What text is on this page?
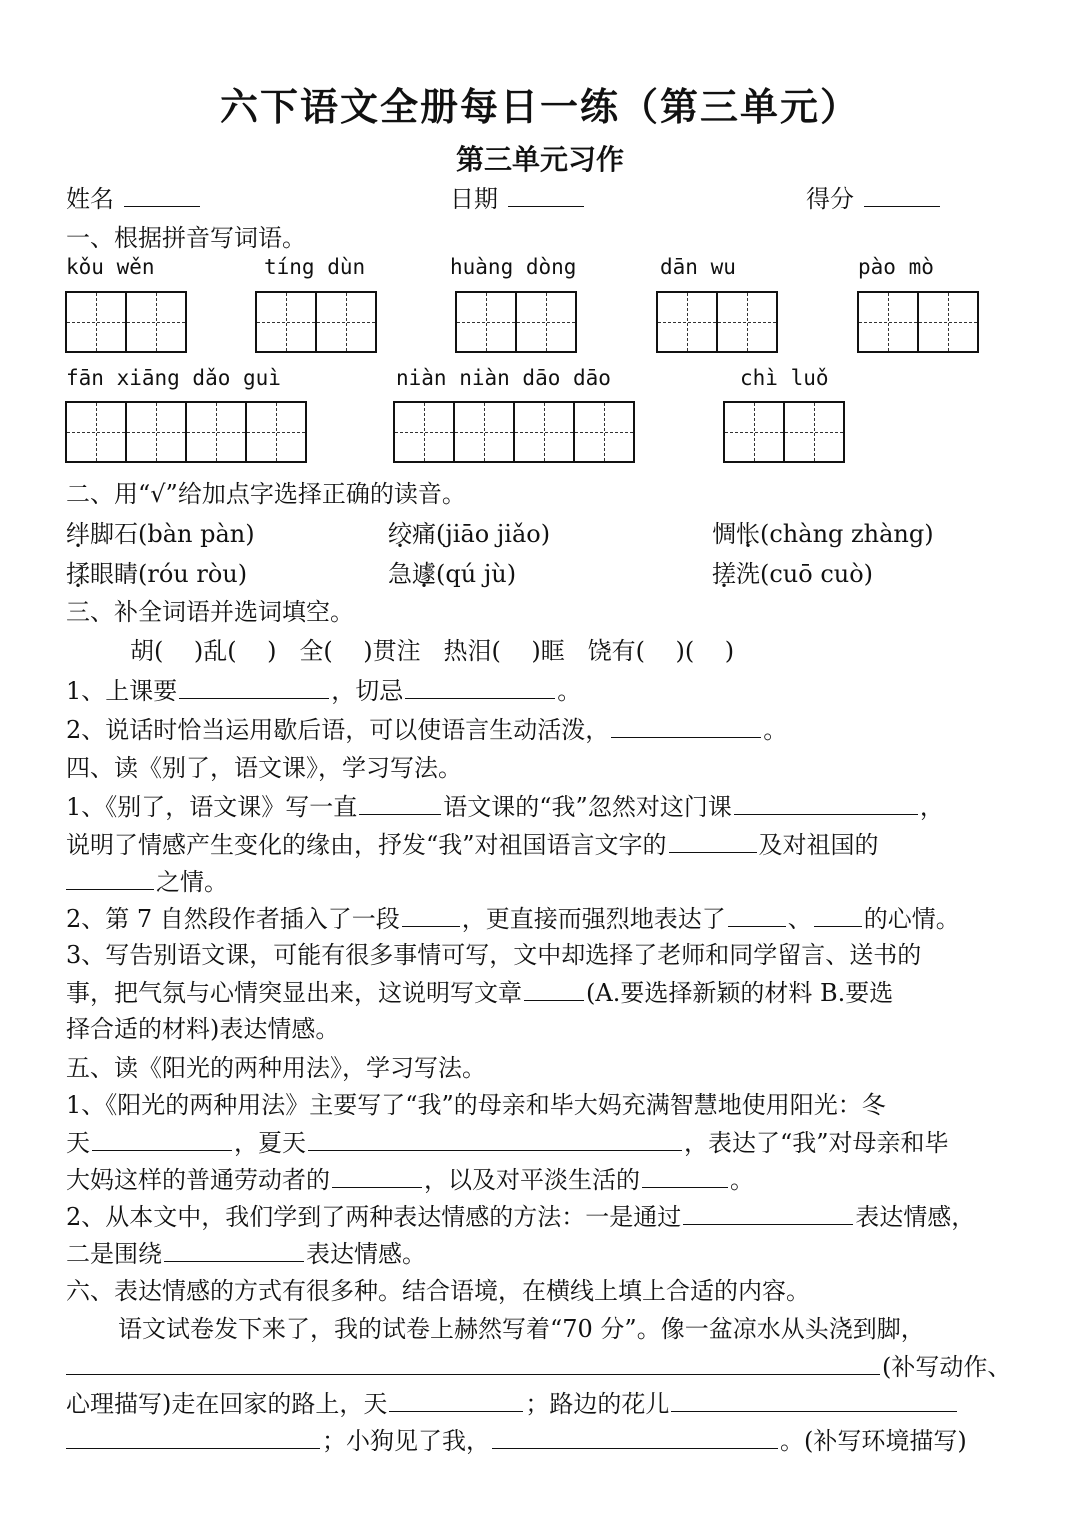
六下语文全册每日一练（第三单元）
第三单元习作
姓名	日期	得分
一、根据拼音写词语。
kǒu wěn	tíng dùn	huàng dòng	dān wu	pào mò
fān xiāng dǎo guì	niàn niàn dāo dāo	chì luǒ
二、用“√”给加点字选择正确的读音。
绊脚石(bàn pàn)	绞痛(jiāo jiǎo)	惆怅(chàng zhàng)
揉眼睛(róu ròu)	急遽(qú jù)	搓洗(cuō cuò)
三、补全词语并选词填空。
胡(    )乱(    )   全(    )贯注   热泪(    )眶   饶有(    )(    )
1、上课要	，切忌	。
2、说话时恰当运用歇后语，可以使语言生动活泼，	。
四、读《别了，语文课》，学习写法。
1、《别了，语文课》写一直	语文课的“我”忽然对这门课	，
说明了情感产生变化的缘由，抒发“我”对祖国语言文字的	及对祖国的
之情。
2、第 7 自然段作者插入了一段	，更直接而强烈地表达了	、 的心情。
3、写告别语文课，可能有很多事情可写，文中却选择了老师和同学留言、送书的
事，把气氛与心情突显出来，这说明写文章	(A.要选择新颖的材料 B.要选
择合适的材料)表达情感。
五、读《阳光的两种用法》，学习写法。
1、《阳光的两种用法》主要写了“我”的母亲和毕大妈充满智慧地使用阳光：冬
天	，夏天	，表达了“我”对母亲和毕
大妈这样的普通劳动者的	，以及对平淡生活的	。
2、从本文中，我们学到了两种表达情感的方法：一是通过	表达情感，
二是围绕	表达情感。
六、表达情感的方式有很多种。结合语境，在横线上填上合适的内容。
语文试卷发下来了，我的试卷上赫然写着“70 分”。像一盆凉水从头浇到脚，
(补写动作、
心理描写)走在回家的路上，天	；路边的花儿
；小狗见了我，	。(补写环境描写)
